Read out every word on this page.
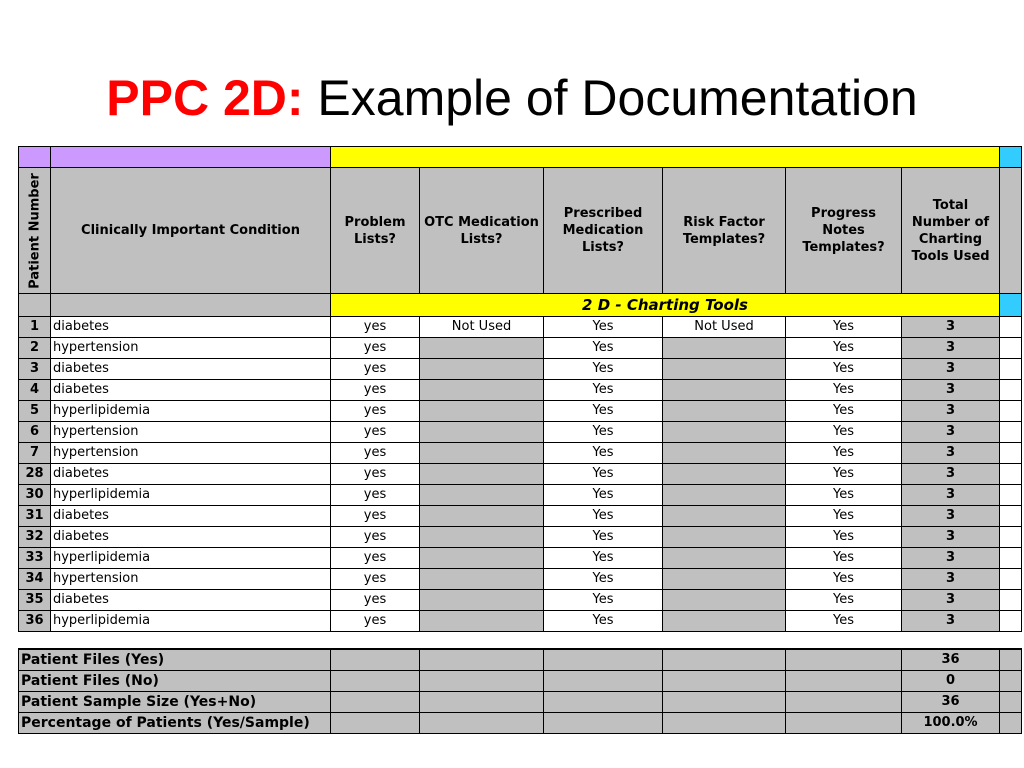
PPC 2D: Example of Documentation

Patient Number	Clinically Important Condition	Problem Lists?	OTC Medication Lists?	Prescribed Medication Lists?	Risk Factor Templates?	Progress Notes Templates?	Total Number of Charting Tools Used	
		2 D - Charting Tools						
1	diabetes	yes	Not Used	Yes	Not Used	Yes	3	
2	hypertension	yes		Yes		Yes	3	
3	diabetes	yes		Yes		Yes	3	
4	diabetes	yes		Yes		Yes	3	
5	hyperlipidemia	yes		Yes		Yes	3	
6	hypertension	yes		Yes		Yes	3	
7	hypertension	yes		Yes		Yes	3	
28	diabetes	yes		Yes		Yes	3	
30	hyperlipidemia	yes		Yes		Yes	3	
31	diabetes	yes		Yes		Yes	3	
32	diabetes	yes		Yes		Yes	3	
33	hyperlipidemia	yes		Yes		Yes	3	
34	hypertension	yes		Yes		Yes	3	
35	diabetes	yes		Yes		Yes	3	
36	hyperlipidemia	yes		Yes		Yes	3	

Patient Files (Yes)							36	
Patient Files (No)							0	
Patient Sample Size (Yes+No)							36	
Percentage of Patients (Yes/Sample)							100.0%	
